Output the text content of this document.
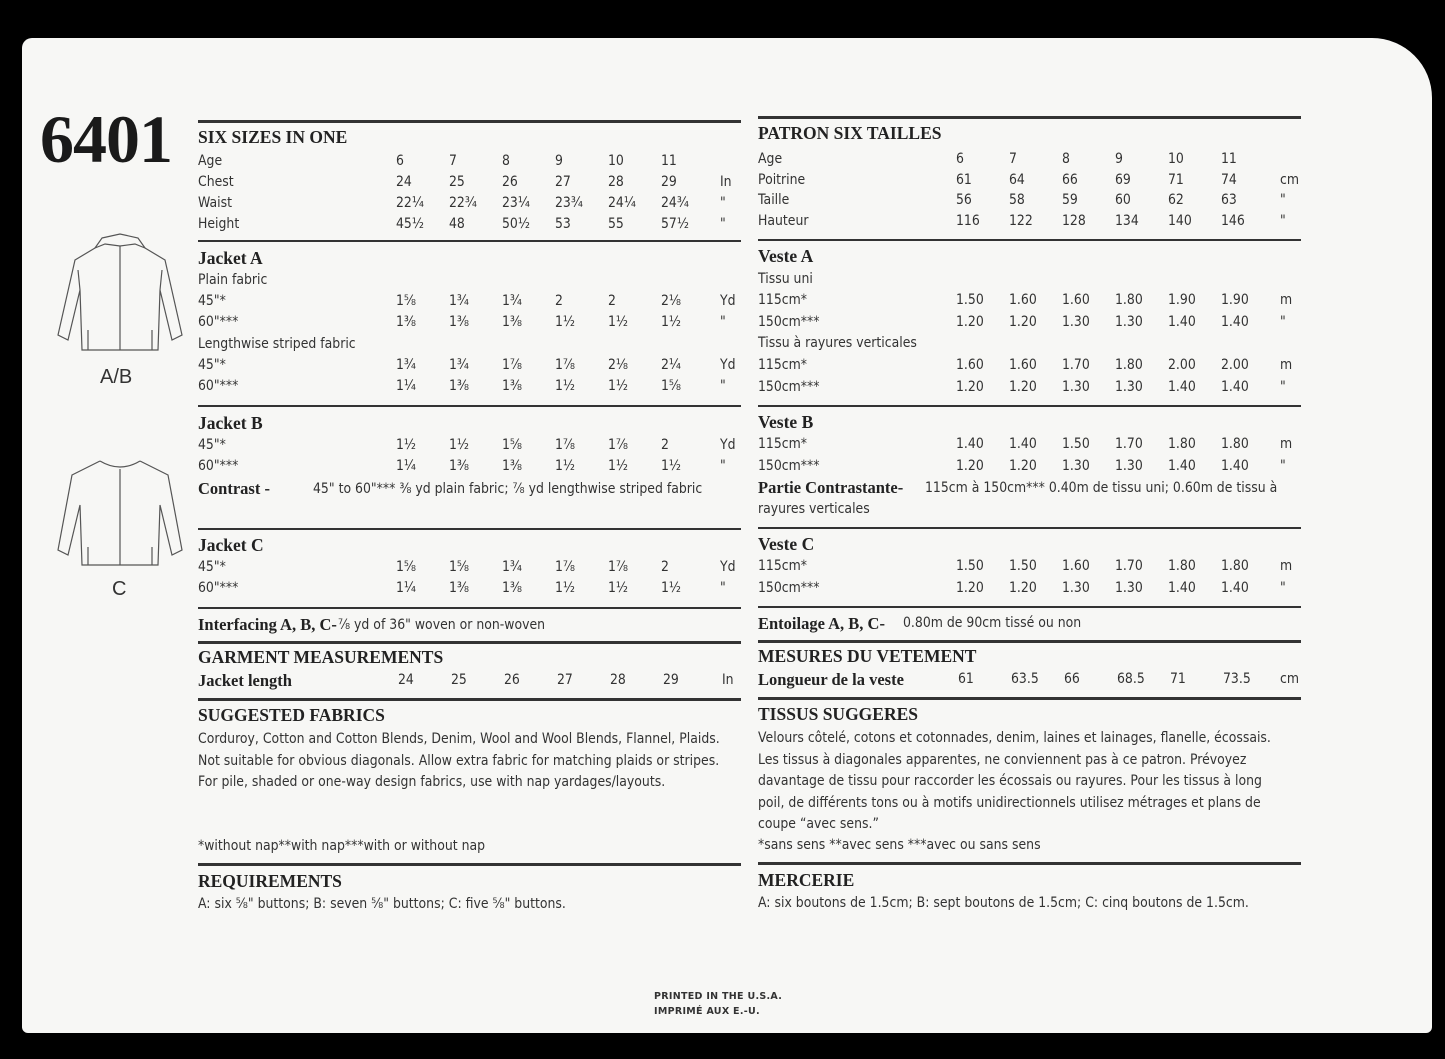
6401
A/B
C
PRINTED IN THE U.S.A.
IMPRIMÉ AUX E.-U.
SIX SIZES IN ONE
Age	6	7	8	9	10	11
Chest	24	25	26	27	28	29	In
Waist	22¼ 22¾ 23¼ 23¾ 24¼ 24¾ "
Height	45½ 48	50½ 53	55	57½ "
Jacket A
Plain fabric
45"*	1⅝ 1¾ 1¾ 2	2	2⅛	Yd
60"***	1⅜ 1⅜ 1⅜ 1½ 1½ 1½	"
Lengthwise striped fabric
45"*	1¾ 1¾ 1⅞ 1⅞ 2⅛ 2¼	Yd
60"***	1¼ 1⅜ 1⅜ 1½ 1½ 1⅝	"
Jacket B
45"*	1½ 1½ 1⅝ 1⅞ 1⅞ 2	Yd
60"***	1¼ 1⅜ 1⅜ 1½ 1½ 1½	"
Contrast -	45" to 60"*** ⅜ yd plain fabric; ⅞ yd lengthwise striped fabric
Jacket C
45"*	1⅝ 1⅝ 1¾ 1⅞ 1⅞ 2	Yd
60"***	1¼ 1⅜ 1⅜ 1½ 1½ 1½	"
Interfacing A, B, C- ⅞ yd of 36" woven or non-woven
GARMENT MEASUREMENTS
Jacket length	24	25	26	27	28	29	In
SUGGESTED FABRICS
Corduroy, Cotton and Cotton Blends, Denim, Wool and Wool Blends, Flannel, Plaids.
Not suitable for obvious diagonals. Allow extra fabric for matching plaids or stripes.
For pile, shaded or one-way design fabrics, use with nap yardages/layouts.
*without nap**with nap***with or without nap
REQUIREMENTS
A: six ⅝" buttons; B: seven ⅝" buttons; C: five ⅝" buttons.
PATRON SIX TAILLES
Age	6	7	8	9	10	11
Poitrine	61	64	66	69	71	74	cm
Taille	56	58	59	60	62	63	"
Hauteur	116 122 128 134 140 146 "
Veste A
Tissu uni
115cm*	1.50 1.60 1.60 1.80 1.90 1.90 m
150cm***	1.20 1.20 1.30 1.30 1.40 1.40 "
Tissu à rayures verticales
115cm*	1.60 1.60 1.70 1.80 2.00 2.00 m
150cm***	1.20 1.20 1.30 1.30 1.40 1.40 "
Veste B
115cm*	1.40 1.40 1.50 1.70 1.80 1.80 m
150cm***	1.20 1.20 1.30 1.30 1.40 1.40 "
Partie Contrastante- 115cm à 150cm*** 0.40m de tissu uni; 0.60m de tissu à
rayures verticales
Veste C
115cm*	1.50 1.50 1.60 1.70 1.80 1.80 m
150cm***	1.20 1.20 1.30 1.30 1.40 1.40 "
Entoilage A, B, C- 0.80m de 90cm tissé ou non
MESURES DU VETEMENT
Longueur de la veste	61	63.5 66	68.5 71	73.5 cm
TISSUS SUGGERES
Velours côtelé, cotons et cotonnades, denim, laines et lainages, flanelle, écossais.
Les tissus à diagonales apparentes, ne conviennent pas à ce patron. Prévoyez
davantage de tissu pour raccorder les écossais ou rayures. Pour les tissus à long
poil, de différents tons ou à motifs unidirectionnels utilisez métrages et plans de
coupe “avec sens.”
*sans sens **avec sens ***avec ou sans sens
MERCERIE
A: six boutons de 1.5cm; B: sept boutons de 1.5cm; C: cinq boutons de 1.5cm.
